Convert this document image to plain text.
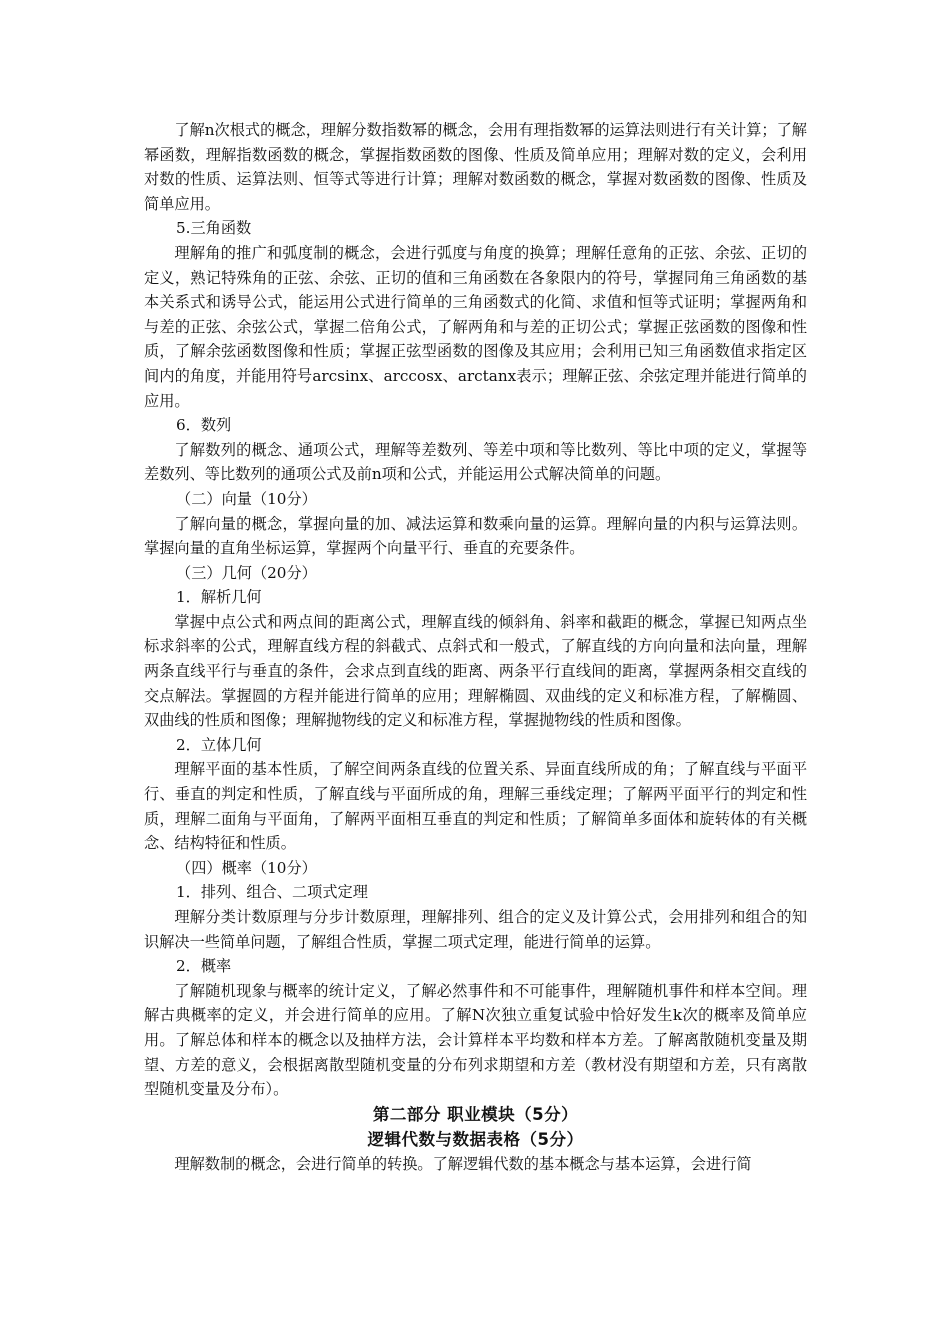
了解n次根式的概念，理解分数指数幂的概念，会用有理指数幂的运算法则进行有关计算；了解幂函数，理解指数函数的概念，掌握指数函数的图像、性质及简单应用；理解对数的定义，会利用对数的性质、运算法则、恒等式等进行计算；理解对数函数的概念，掌握对数函数的图像、性质及简单应用。

5.三角函数

理解角的推广和弧度制的概念，会进行弧度与角度的换算；理解任意角的正弦、余弦、正切的定义，熟记特殊角的正弦、余弦、正切的值和三角函数在各象限内的符号，掌握同角三角函数的基本关系式和诱导公式，能运用公式进行简单的三角函数式的化简、求值和恒等式证明；掌握两角和与差的正弦、余弦公式，掌握二倍角公式，了解两角和与差的正切公式；掌握正弦函数的图像和性质，了解余弦函数图像和性质；掌握正弦型函数的图像及其应用；会利用已知三角函数值求指定区间内的角度，并能用符号arcsinx、arccosx、arctanx表示；理解正弦、余弦定理并能进行简单的应用。

6．数列

了解数列的概念、通项公式，理解等差数列、等差中项和等比数列、等比中项的定义，掌握等差数列、等比数列的通项公式及前n项和公式，并能运用公式解决简单的问题。

（二）向量（10分）

了解向量的概念，掌握向量的加、减法运算和数乘向量的运算。理解向量的内积与运算法则。掌握向量的直角坐标运算，掌握两个向量平行、垂直的充要条件。

（三）几何（20分）

1．解析几何

掌握中点公式和两点间的距离公式，理解直线的倾斜角、斜率和截距的概念，掌握已知两点坐标求斜率的公式，理解直线方程的斜截式、点斜式和一般式，了解直线的方向向量和法向量，理解两条直线平行与垂直的条件，会求点到直线的距离、两条平行直线间的距离，掌握两条相交直线的交点解法。掌握圆的方程并能进行简单的应用；理解椭圆、双曲线的定义和标准方程，了解椭圆、双曲线的性质和图像；理解抛物线的定义和标准方程，掌握抛物线的性质和图像。

2．立体几何

理解平面的基本性质，了解空间两条直线的位置关系、异面直线所成的角；了解直线与平面平行、垂直的判定和性质，了解直线与平面所成的角，理解三垂线定理；了解两平面平行的判定和性质，理解二面角与平面角，了解两平面相互垂直的判定和性质；了解简单多面体和旋转体的有关概念、结构特征和性质。

（四）概率（10分）

1．排列、组合、二项式定理

理解分类计数原理与分步计数原理，理解排列、组合的定义及计算公式，会用排列和组合的知识解决一些简单问题，了解组合性质，掌握二项式定理，能进行简单的运算。

2．概率

了解随机现象与概率的统计定义，了解必然事件和不可能事件，理解随机事件和样本空间。理解古典概率的定义，并会进行简单的应用。了解N次独立重复试验中恰好发生k次的概率及简单应用。了解总体和样本的概念以及抽样方法，会计算样本平均数和样本方差。了解离散随机变量及期望、方差的意义，会根据离散型随机变量的分布列求期望和方差（教材没有期望和方差，只有离散型随机变量及分布）。

第二部分 职业模块（5分）

逻辑代数与数据表格（5分）

理解数制的概念，会进行简单的转换。了解逻辑代数的基本概念与基本运算，会进行简
